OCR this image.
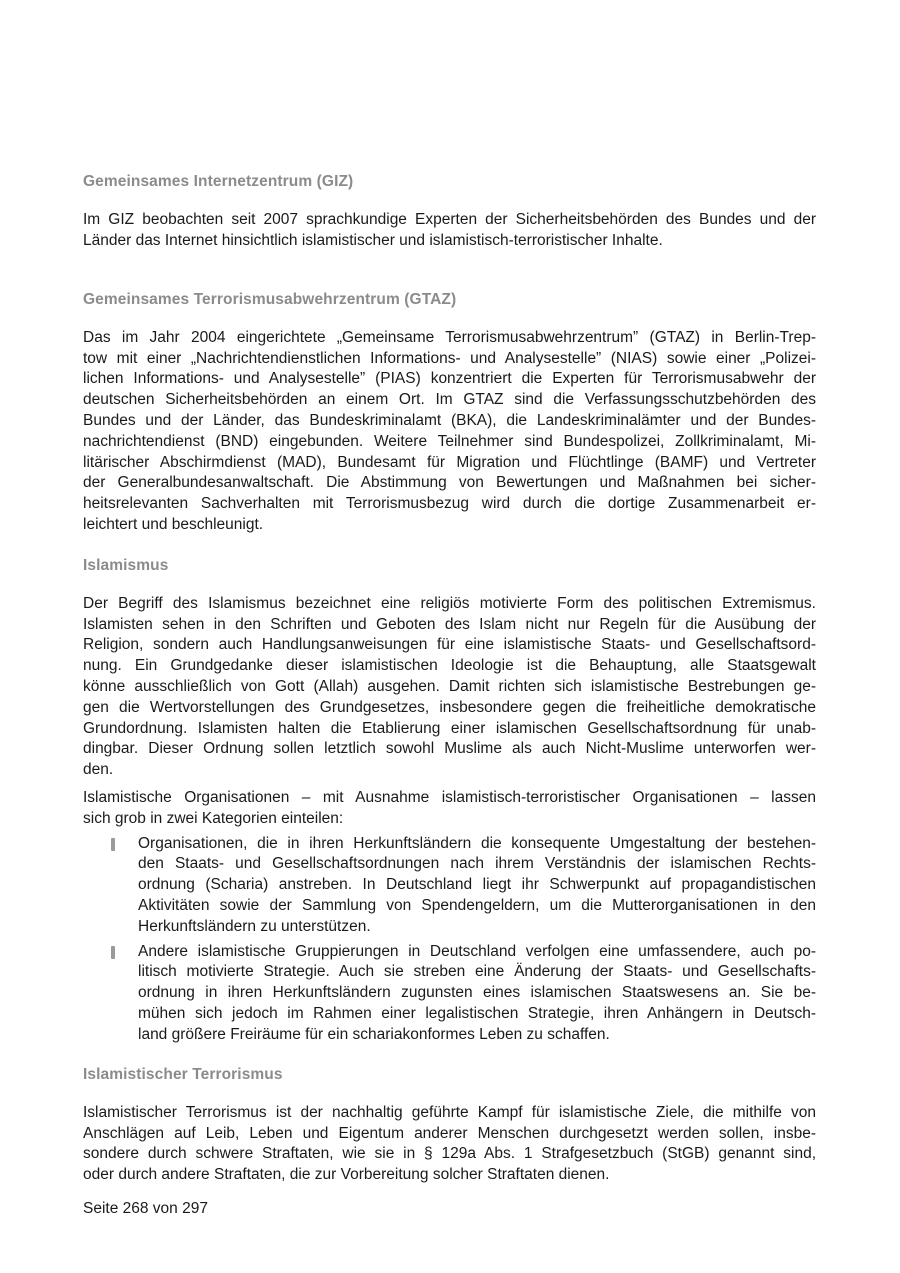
Gemeinsames Internetzentrum (GIZ)
Im GIZ beobachten seit 2007 sprachkundige Experten der Sicherheitsbehörden des Bundes und der
Länder das Internet hinsichtlich islamistischer und islamistisch-terroristischer Inhalte.
Gemeinsames Terrorismusabwehrzentrum (GTAZ)
Das im Jahr 2004 eingerichtete „Gemeinsame Terrorismusabwehrzentrum” (GTAZ) in Berlin-Trep-
tow mit einer „Nachrichtendienstlichen Informations- und Analysestelle” (NIAS) sowie einer „Polizei-
lichen Informations- und Analysestelle” (PIAS) konzentriert die Experten für Terrorismusabwehr der
deutschen Sicherheitsbehörden an einem Ort. Im GTAZ sind die Verfassungsschutzbehörden des
Bundes und der Länder, das Bundeskriminalamt (BKA), die Landeskriminalämter und der Bundes-
nachrichtendienst (BND) eingebunden. Weitere Teilnehmer sind Bundespolizei, Zollkriminalamt, Mi-
litärischer Abschirmdienst (MAD), Bundesamt für Migration und Flüchtlinge (BAMF) und Vertreter
der Generalbundesanwaltschaft. Die Abstimmung von Bewertungen und Maßnahmen bei sicher-
heitsrelevanten Sachverhalten mit Terrorismusbezug wird durch die dortige Zusammenarbeit er-
leichtert und beschleunigt.
Islamismus
Der Begriff des Islamismus bezeichnet eine religiös motivierte Form des politischen Extremismus.
Islamisten sehen in den Schriften und Geboten des Islam nicht nur Regeln für die Ausübung der
Religion, sondern auch Handlungsanweisungen für eine islamistische Staats- und Gesellschaftsord-
nung. Ein Grundgedanke dieser islamistischen Ideologie ist die Behauptung, alle Staatsgewalt
könne ausschließlich von Gott (Allah) ausgehen. Damit richten sich islamistische Bestrebungen ge-
gen die Wertvorstellungen des Grundgesetzes, insbesondere gegen die freiheitliche demokratische
Grundordnung. Islamisten halten die Etablierung einer islamischen Gesellschaftsordnung für unab-
dingbar. Dieser Ordnung sollen letztlich sowohl Muslime als auch Nicht-Muslime unterworfen wer-
den.
Islamistische Organisationen – mit Ausnahme islamistisch-terroristischer Organisationen – lassen
sich grob in zwei Kategorien einteilen:
Organisationen, die in ihren Herkunftsländern die konsequente Umgestaltung der bestehen-
den Staats- und Gesellschaftsordnungen nach ihrem Verständnis der islamischen Rechts-
ordnung (Scharia) anstreben. In Deutschland liegt ihr Schwerpunkt auf propagandistischen
Aktivitäten sowie der Sammlung von Spendengeldern, um die Mutterorganisationen in den
Herkunftsländern zu unterstützen.
Andere islamistische Gruppierungen in Deutschland verfolgen eine umfassendere, auch po-
litisch motivierte Strategie. Auch sie streben eine Änderung der Staats- und Gesellschafts-
ordnung in ihren Herkunftsländern zugunsten eines islamischen Staatswesens an. Sie be-
mühen sich jedoch im Rahmen einer legalistischen Strategie, ihren Anhängern in Deutsch-
land größere Freiräume für ein schariakonformes Leben zu schaffen.
Islamistischer Terrorismus
Islamistischer Terrorismus ist der nachhaltig geführte Kampf für islamistische Ziele, die mithilfe von
Anschlägen auf Leib, Leben und Eigentum anderer Menschen durchgesetzt werden sollen, insbe-
sondere durch schwere Straftaten, wie sie in § 129a Abs. 1 Strafgesetzbuch (StGB) genannt sind,
oder durch andere Straftaten, die zur Vorbereitung solcher Straftaten dienen.
Seite 268 von 297
